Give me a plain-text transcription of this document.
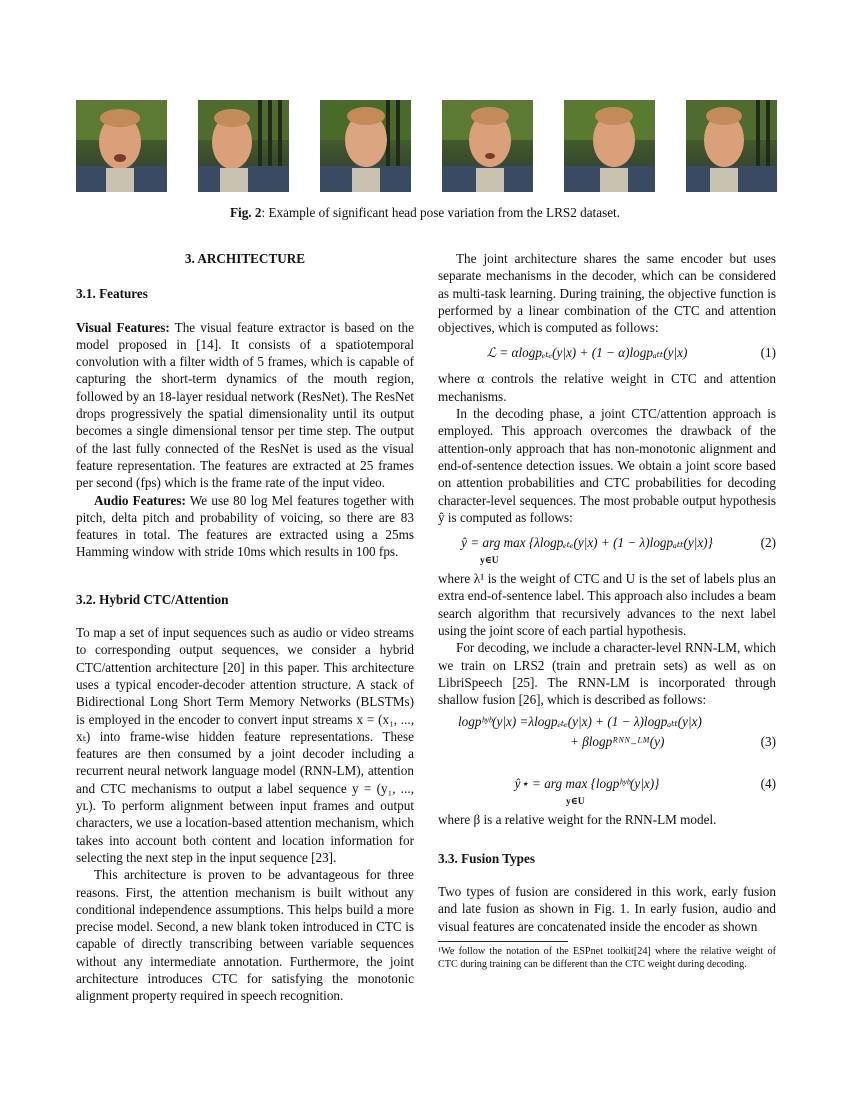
Fig. 2: Example of significant head pose variation from the LRS2 dataset.
3. ARCHITECTURE
3.1. Features

Visual Features: The visual feature extractor is based on the model proposed in [14]. It consists of a spatiotemporal convolution with a filter width of 5 frames, which is capable of capturing the short-term dynamics of the mouth region, followed by an 18-layer residual network (ResNet). The ResNet drops progressively the spatial dimensionality until its output becomes a single dimensional tensor per time step. The output of the last fully connected of the ResNet is used as the visual feature representation. The features are extracted at 25 frames per second (fps) which is the frame rate of the input video.

Audio Features: We use 80 log Mel features together with pitch, delta pitch and probability of voicing, so there are 83 features in total. The features are extracted using a 25ms Hamming window with stride 10ms which results in 100 fps.

3.2. Hybrid CTC/Attention

To map a set of input sequences such as audio or video streams to corresponding output sequences, we consider a hybrid CTC/attention architecture [20] in this paper. This architecture uses a typical encoder-decoder attention structure. A stack of Bidirectional Long Short Term Memory Networks (BLSTMs) is employed in the encoder to convert input streams x = (x₁, ..., xₜ) into frame-wise hidden feature representations. These features are then consumed by a joint decoder including a recurrent neural network language model (RNN-LM), attention and CTC mechanisms to output a label sequence y = (y₁, ..., yʟ). To perform alignment between input frames and output characters, we use a location-based attention mechanism, which takes into account both content and location information for selecting the next step in the input sequence [23].

This architecture is proven to be advantageous for three reasons. First, the attention mechanism is built without any conditional independence assumptions. This helps build a more precise model. Second, a new blank token introduced in CTC is capable of directly transcribing between variable sequences without any intermediate annotation. Furthermore, the joint architecture introduces CTC for satisfying the monotonic alignment property required in speech recognition.

The joint architecture shares the same encoder but uses separate mechanisms in the decoder, which can be considered as multi-task learning. During training, the objective function is performed by a linear combination of the CTC and attention objectives, which is computed as follows:

ℒ = αlogpₑₜₑ(y|x) + (1 − α)logpₐₜₜ(y|x)	(1)

where α controls the relative weight in CTC and attention mechanisms.

In the decoding phase, a joint CTC/attention approach is employed. This approach overcomes the drawback of the attention-only approach that has non-monotonic alignment and end-of-sentence detection issues. We obtain a joint score based on attention probabilities and CTC probabilities for decoding character-level sequences. The most probable output hypothesis ŷ is computed as follows:

ŷ = arg max {λlogpₑₜₑ(y|x) + (1 − λ)logpₐₜₜ(y|x)}	(2)
y∈U

where λ¹ is the weight of CTC and U is the set of labels plus an extra end-of-sentence label. This approach also includes a beam search algorithm that recursively advances to the next label using the joint score of each partial hypothesis.

For decoding, we include a character-level RNN-LM, which we train on LRS2 (train and pretrain sets) as well as on LibriSpeech [25]. The RNN-LM is incorporated through shallow fusion [26], which is described as follows:

logpʰʸᵇ(y|x) =λlogpₑₜₑ(y|x) + (1 − λ)logpₐₜₜ(y|x)
+ βlogpᴿᴺᴺ₋ᴸᴹ(y)	(3)
ŷ⋆ = arg max {logpʰʸᵇ(y|x)}	(4)
y∈U

where β is a relative weight for the RNN-LM model.

3.3. Fusion Types

Two types of fusion are considered in this work, early fusion and late fusion as shown in Fig. 1. In early fusion, audio and visual features are concatenated inside the encoder as shown

¹We follow the notation of the ESPnet toolkit[24] where the relative weight of CTC during training can be different than the CTC weight during decoding.
